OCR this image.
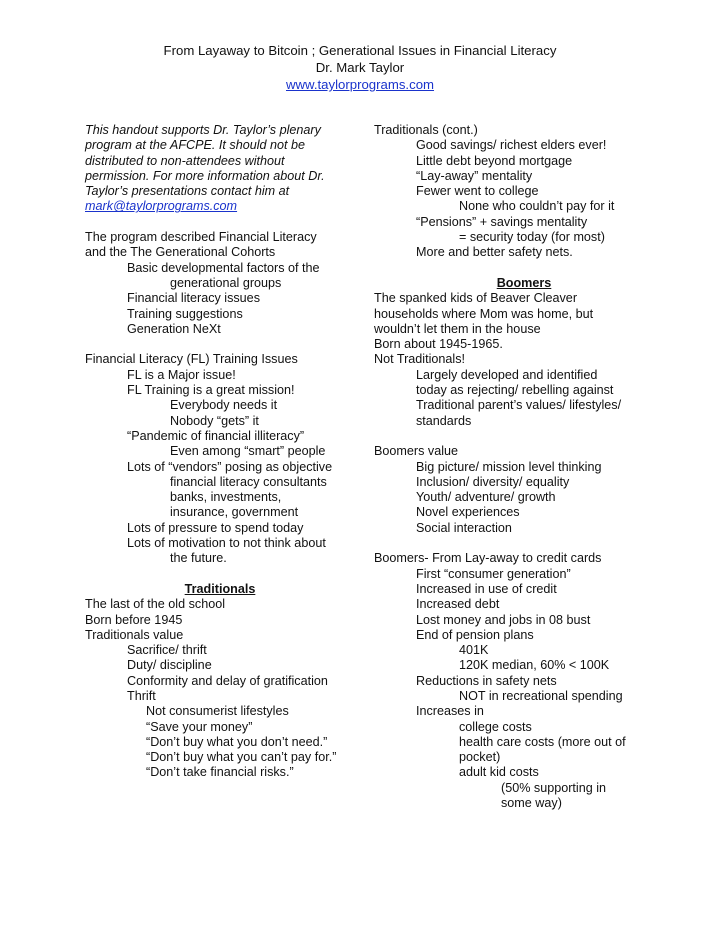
From Layaway to Bitcoin ; Generational Issues in Financial Literacy
Dr. Mark Taylor
www.taylorprograms.com
This handout supports Dr. Taylor’s plenary
program at the AFCPE. It should not be
distributed to non-attendees without
permission. For more information about Dr.
Taylor’s presentations contact him at
mark@taylorprograms.com
The program described Financial Literacy
and the The Generational Cohorts
Basic developmental factors of the
generational groups
Financial literacy issues
Training suggestions
Generation NeXt
Financial Literacy (FL) Training Issues
FL is a Major issue!
FL Training is a great mission!
Everybody needs it
Nobody “gets” it
“Pandemic of financial illiteracy”
Even among “smart” people
Lots of “vendors” posing as objective
financial literacy consultants
banks, investments,
insurance, government
Lots of pressure to spend today
Lots of motivation to not think about
the future.
Traditionals
The last of the old school
Born before 1945
Traditionals value
Sacrifice/ thrift
Duty/ discipline
Conformity and delay of gratification
Thrift
Not consumerist lifestyles
“Save your money”
“Don’t buy what you don’t need.”
“Don’t buy what you can’t pay for.”
“Don’t take financial risks.”
Traditionals (cont.)
Good savings/ richest elders ever!
Little debt beyond mortgage
“Lay-away” mentality
Fewer went to college
None who couldn’t pay for it
“Pensions” + savings mentality
= security today (for most)
More and better safety nets.
Boomers
The spanked kids of Beaver Cleaver
households where Mom was home, but
wouldn’t let them in the house
Born about 1945-1965.
Not Traditionals!
Largely developed and identified
today as rejecting/ rebelling against
Traditional parent’s values/ lifestyles/
standards
Boomers value
Big picture/ mission level thinking
Inclusion/ diversity/ equality
Youth/ adventure/ growth
Novel experiences
Social interaction
Boomers- From Lay-away to credit cards
First “consumer generation”
Increased in use of credit
Increased debt
Lost money and jobs in 08 bust
End of pension plans
401K
120K median, 60% < 100K
Reductions in safety nets
NOT in recreational spending
Increases in
college costs
health care costs (more out of
pocket)
adult kid costs
(50% supporting in
some way)
